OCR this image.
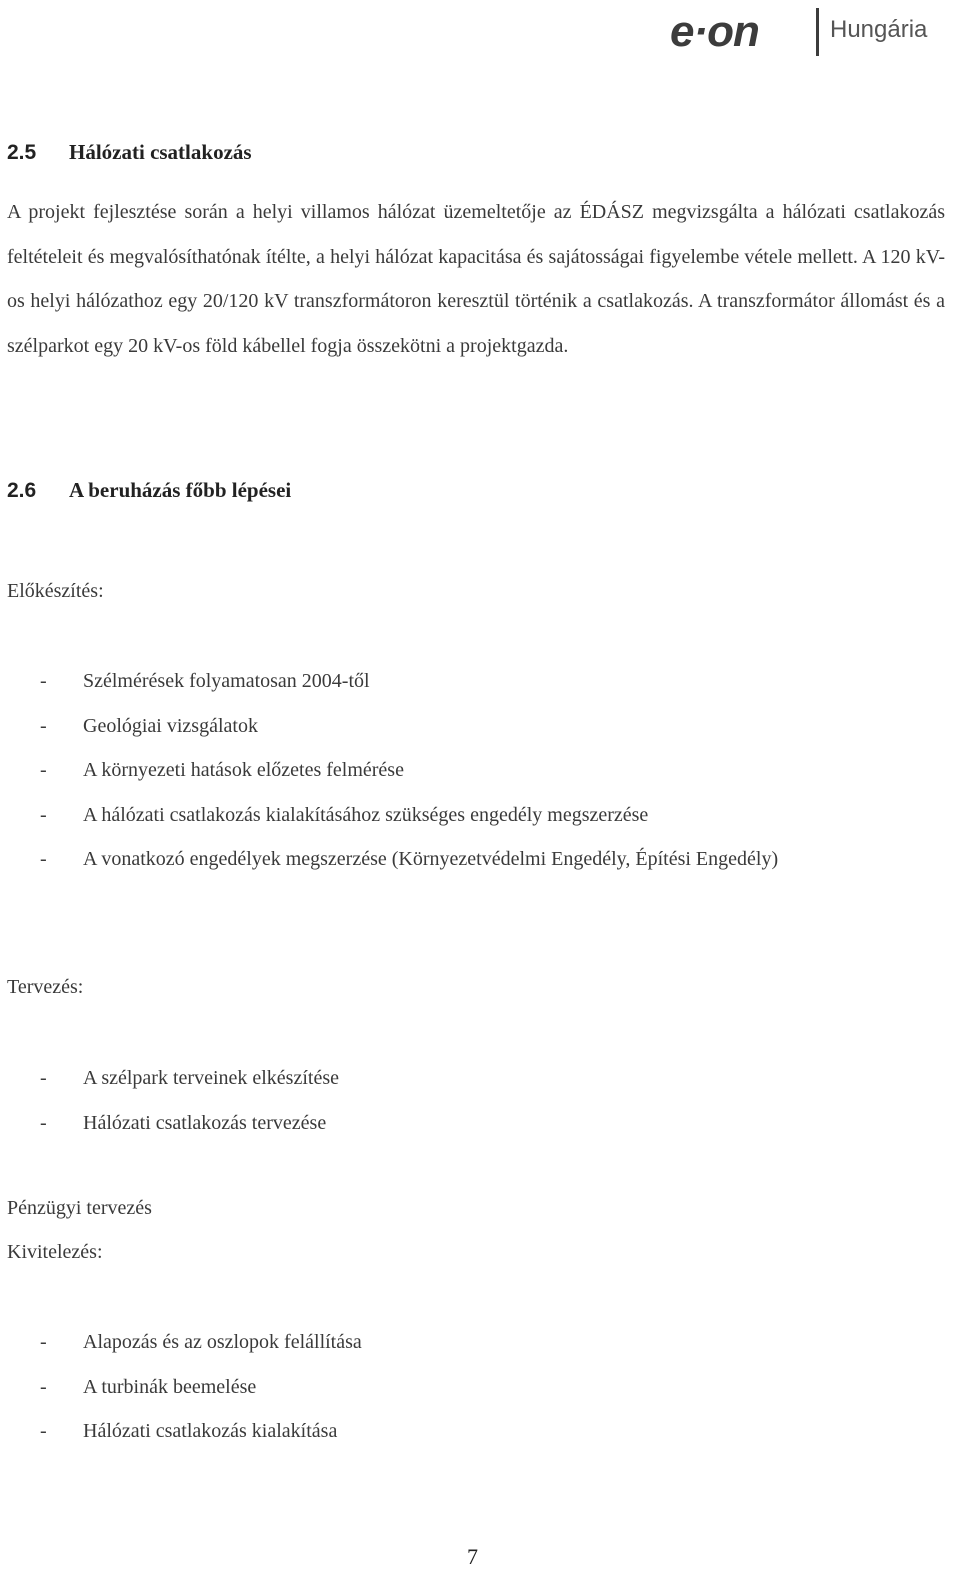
e·on	Hungária
2.5 Hálózati csatlakozás

A projekt fejlesztése során a helyi villamos hálózat üzemeltetője az ÉDÁSZ megvizsgálta a hálózati csatlakozás feltételeit és megvalósíthatónak ítélte, a helyi hálózat kapacitása és sajátosságai figyelembe vétele mellett. A 120 kV-os helyi hálózathoz egy 20/120 kV transzformátoron keresztül történik a csatlakozás. A transzformátor állomást és a szélparkot egy 20 kV-os föld kábellel fogja összekötni a projektgazda.

2.6 A beruházás főbb lépései
Előkészítés:
- Szélmérések folyamatosan 2004-től
- Geológiai vizsgálatok
- A környezeti hatások előzetes felmérése
- A hálózati csatlakozás kialakításához szükséges engedély megszerzése
- A vonatkozó engedélyek megszerzése (Környezetvédelmi Engedély, Építési Engedély)
Tervezés:
- A szélpark terveinek elkészítése
- Hálózati csatlakozás tervezése
Pénzügyi tervezés
Kivitelezés:
- Alapozás és az oszlopok felállítása
- A turbinák beemelése
- Hálózati csatlakozás kialakítása
7
